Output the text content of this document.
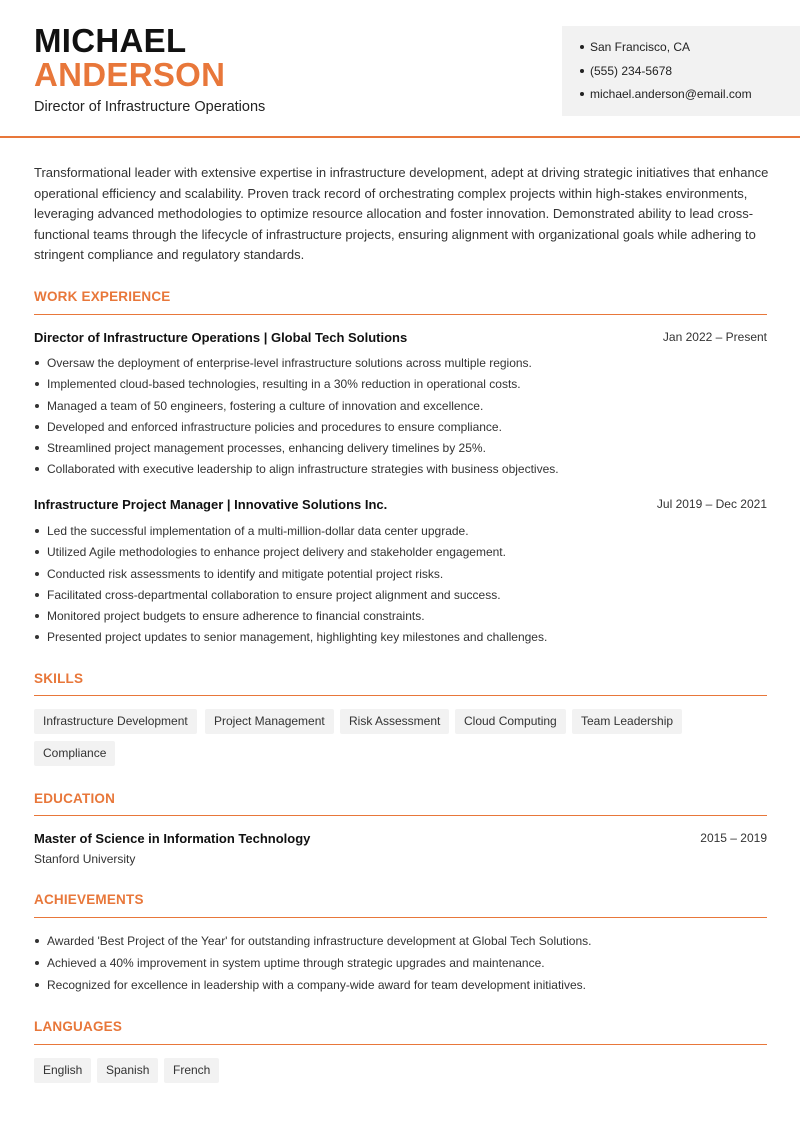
MICHAEL
ANDERSON
Director of Infrastructure Operations
San Francisco, CA
(555) 234-5678
michael.anderson@email.com

Transformational leader with extensive expertise in infrastructure development, adept at driving strategic initiatives that enhance operational efficiency and scalability. Proven track record of orchestrating complex projects within high-stakes environments, leveraging advanced methodologies to optimize resource allocation and foster innovation. Demonstrated ability to lead cross-functional teams through the lifecycle of infrastructure projects, ensuring alignment with organizational goals while adhering to stringent compliance and regulatory standards.

WORK EXPERIENCE
Director of Infrastructure Operations | Global Tech Solutions	Jan 2022 – Present
Oversaw the deployment of enterprise-level infrastructure solutions across multiple regions.
Implemented cloud-based technologies, resulting in a 30% reduction in operational costs.
Managed a team of 50 engineers, fostering a culture of innovation and excellence.
Developed and enforced infrastructure policies and procedures to ensure compliance.
Streamlined project management processes, enhancing delivery timelines by 25%.
Collaborated with executive leadership to align infrastructure strategies with business objectives.
Infrastructure Project Manager | Innovative Solutions Inc.	Jul 2019 – Dec 2021
Led the successful implementation of a multi-million-dollar data center upgrade.
Utilized Agile methodologies to enhance project delivery and stakeholder engagement.
Conducted risk assessments to identify and mitigate potential project risks.
Facilitated cross-departmental collaboration to ensure project alignment and success.
Monitored project budgets to ensure adherence to financial constraints.
Presented project updates to senior management, highlighting key milestones and challenges.
SKILLS
Infrastructure Development	Project Management	Risk Assessment	Cloud Computing	Team Leadership
Compliance
EDUCATION
Master of Science in Information Technology	2015 – 2019
Stanford University
ACHIEVEMENTS
Awarded 'Best Project of the Year' for outstanding infrastructure development at Global Tech Solutions.
Achieved a 40% improvement in system uptime through strategic upgrades and maintenance.
Recognized for excellence in leadership with a company-wide award for team development initiatives.
LANGUAGES
English	Spanish	French
